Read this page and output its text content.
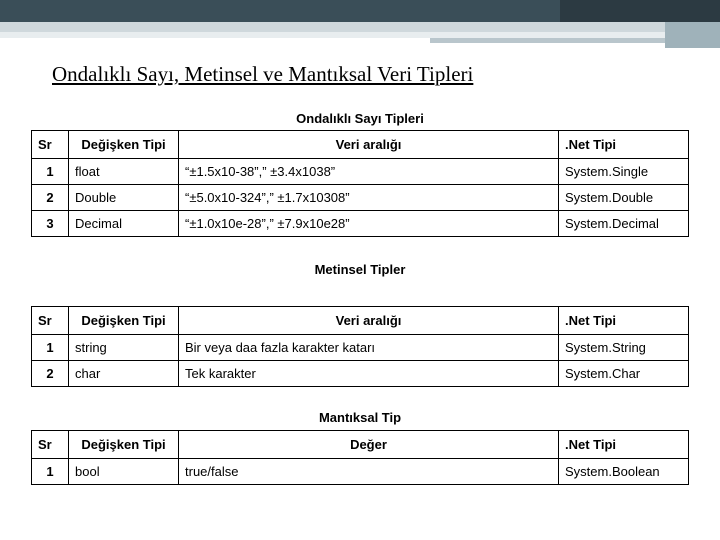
Ondalıklı Sayı, Metinsel ve Mantıksal Veri Tipleri
Ondalıklı Sayı Tipleri
Sr	Değişken Tipi	Veri aralığı	.Net Tipi
1	float	“±1.5x10-38”,” ±3.4x1038”	System.Single
2	Double	“±5.0x10-324”,” ±1.7x10308”	System.Double
3	Decimal	“±1.0x10e-28”,” ±7.9x10e28”	System.Decimal
Metinsel Tipler
Sr	Değişken Tipi	Veri aralığı	.Net Tipi
1	string	Bir veya daa fazla karakter katarı	System.String
2	char	Tek karakter	System.Char
Mantıksal Tip
Sr	Değişken Tipi	Değer	.Net Tipi
1	bool	true/false	System.Boolean
